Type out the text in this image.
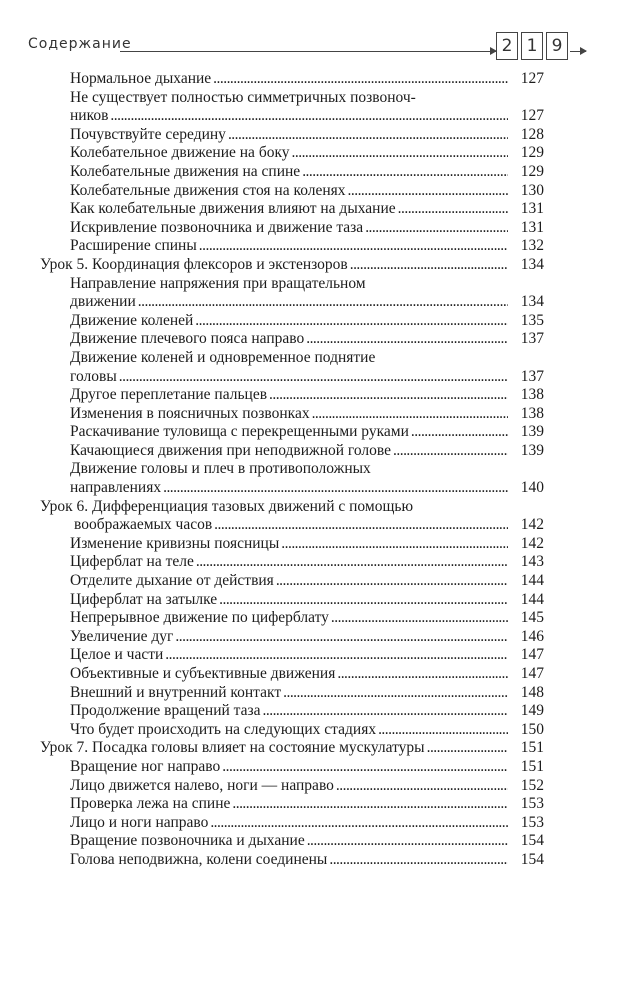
Содержание	2 1 9
Нормальное дыхание . . .	127
Не существует полностью симметричных позвоноч-
ников . . .	127
Почувствуйте середину . . .	128
Колебательное движение на боку . . .	129
Колебательные движения на спине . . .	129
Колебательные движения стоя на коленях . . .	130
Как колебательные движения влияют на дыхание . . .	131
Искривление позвоночника и движение таза . . .	131
Расширение спины . . .	132
Урок 5. Координация флексоров и экстензоров . . .	134
Направление напряжения при вращательном
движении . . .	134
Движение коленей . . .	135
Движение плечевого пояса направо . . .	137
Движение коленей и одновременное поднятие
головы . . .	137
Другое переплетание пальцев . . .	138
Изменения в поясничных позвонках . . .	138
Раскачивание туловища с перекрещенными руками . . .	139
Качающиеся движения при неподвижной голове . . .	139
Движение головы и плеч в противоположных
направлениях . . .	140
Урок 6. Дифференциация тазовых движений с помощью
воображаемых часов . . .	142
Изменение кривизны поясницы . . .	142
Циферблат на теле . . .	143
Отделите дыхание от действия . . .	144
Циферблат на затылке . . .	144
Непрерывное движение по циферблату . . .	145
Увеличение дуг . . .	146
Целое и части . . .	147
Объективные и субъективные движения . . .	147
Внешний и внутренний контакт . . .	148
Продолжение вращений таза . . .	149
Что будет происходить на следующих стадиях . . .	150
Урок 7. Посадка головы влияет на состояние мускулатуры . . .	151
Вращение ног направо . . .	151
Лицо движется налево, ноги — направо . . .	152
Проверка лежа на спине . . .	153
Лицо и ноги направо . . .	153
Вращение позвоночника и дыхание . . .	154
Голова неподвижна, колени соединены . . .	154
